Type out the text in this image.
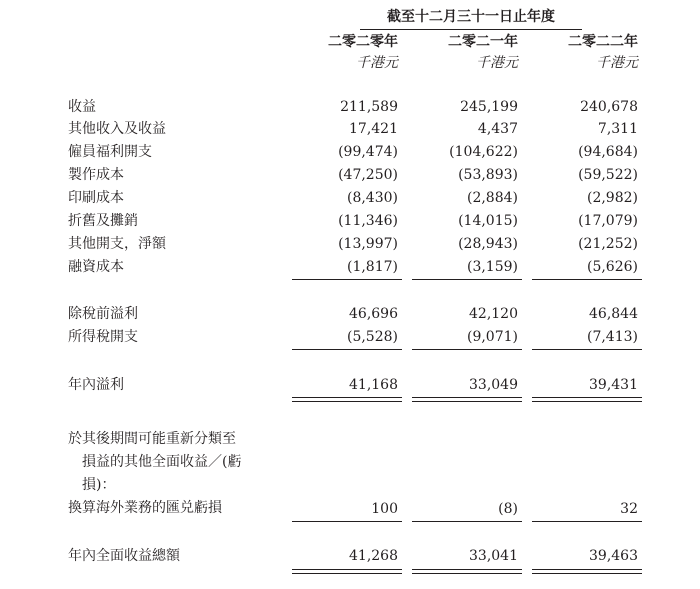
截至十二月三十一日止年度
二零二零年	二零二一年	二零二二年
千港元	千港元	千港元
收益	211,589	245,199	240,678
其他收入及收益	17,421	4,437	7,311
僱員福利開支	(99,474)	(104,622)	(94,684)
製作成本	(47,250)	(53,893)	(59,522)
印刷成本	(8,430)	(2,884)	(2,982)
折舊及攤銷	(11,346)	(14,015)	(17,079)
其他開支，淨額	(13,997)	(28,943)	(21,252)
融資成本	(1,817)	(3,159)	(5,626)
除稅前溢利	46,696	42,120	46,844
所得稅開支	(5,528)	(9,071)	(7,413)
年內溢利	41,168	33,049	39,431
於其後期間可能重新分類至
損益的其他全面收益／(虧
損)：
換算海外業務的匯兑虧損	100	(8)	32
年內全面收益總額	41,268	33,041	39,463
